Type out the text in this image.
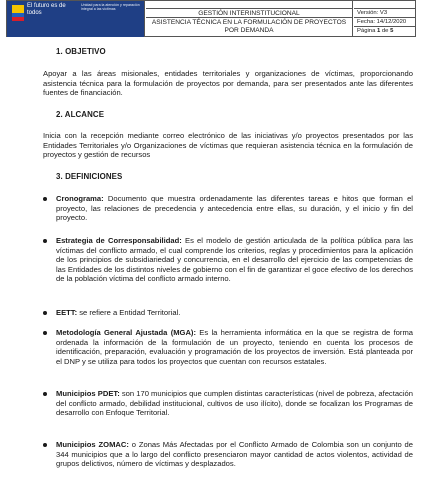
El futuro es de todos
Unidad para la atención y reparación integral a las víctimas
GESTIÓN INTERINSTITUCIONAL
ASISTENCIA TÉCNICA EN LA FORMULACIÓN DE PROYECTOS POR DEMANDA
Versión: V3
Fecha: 14/12/2020
Página 1 de 5
1. OBJETIVO
Apoyar a las áreas misionales, entidades territoriales y organizaciones de víctimas, proporcionando asistencia técnica para la formulación de proyectos por demanda, para ser presentados ante las diferentes fuentes de financiación.
2. ALCANCE
Inicia con la recepción mediante correo electrónico de las iniciativas y/o proyectos presentados por las Entidades Territoriales y/o Organizaciones de víctimas que requieran asistencia técnica en la formulación de proyectos y gestión de recursos
3. DEFINICIONES
Cronograma: Documento que muestra ordenadamente las diferentes tareas e hitos que forman el proyecto, las relaciones de precedencia y antecedencia entre ellas, su duración, y el inicio y fin del proyecto.
Estrategia de Corresponsabilidad: Es el modelo de gestión articulada de la política pública para las víctimas del conflicto armado, el cual comprende los criterios, reglas y procedimientos para la aplicación de los principios de subsidiariedad y concurrencia, en el desarrollo del ejercicio de las competencias de las Entidades de los distintos niveles de gobierno con el fin de garantizar el goce efectivo de los derechos de la población víctima del conflicto armado interno.
EETT: se refiere a Entidad Territorial.
Metodología General Ajustada (MGA): Es la herramienta informática en la que se registra de forma ordenada la información de la formulación de un proyecto, teniendo en cuenta los procesos de identificación, preparación, evaluación y programación de los proyectos de inversión. Está planteada por el DNP y se utiliza para todos los proyectos que cuentan con recursos estatales.
Municipios PDET: son 170 municipios que cumplen distintas características (nivel de pobreza, afectación del conflicto armado, debilidad institucional, cultivos de uso ilícito), donde se focalizan los Programas de desarrollo con Enfoque Territorial.
Municipios ZOMAC: o Zonas Más Afectadas por el Conflicto Armado de Colombia son un conjunto de 344 municipios que a lo largo del conflicto presenciaron mayor cantidad de actos violentos, actividad de grupos delictivos, número de víctimas y desplazados.
